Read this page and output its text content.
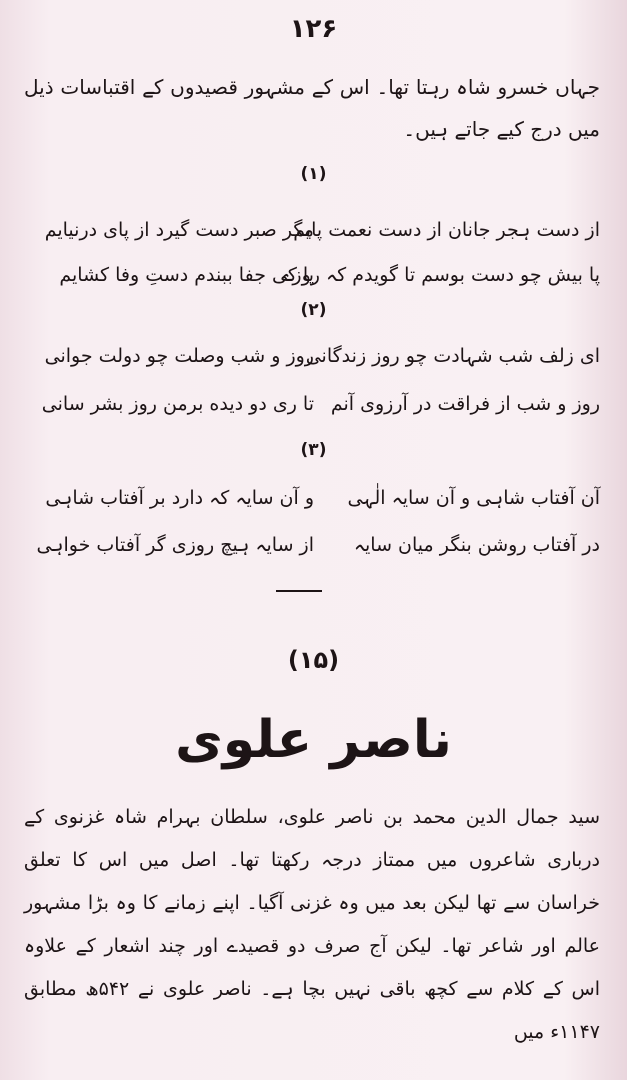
۱۲۶
جہاں خسرو شاہ رہتا تھا۔ اس کے مشہور قصیدوں کے اقتباسات ذیل میں درج کیے جاتے ہیں۔
(۱)
از دست ہجر جانان از دست نعمت پایم
مگر صبر دست گیرد از پای درنیایم
پا بیش چو دست بوسم تا گویدم کہ روزے
پا کی جفا ببندم دستِ وفا کشایم
(۲)
ای زلف شب شہادت چو روز زندگانی
روز و شب وصلت چو دولت جوانی
روز و شب از فراقت در آرزوی آنم
تا ری دو دیده برمن روز بشر سانی
(۳)
آن آفتاب شاہی و آن سایہ الٰہی
و آن سایہ کہ دارد بر آفتاب شاہی
در آفتاب روشن بنگر میان سایہ
از سایہ ہیچ روزی گر آفتاب خواہی
(۱۵)
ناصر علوی
سید جمال الدین محمد بن ناصر علوی، سلطان بہرام شاہ غزنوی کے درباری شاعروں میں ممتاز درجہ رکھتا تھا۔ اصل میں اس کا تعلق خراسان سے تھا لیکن بعد میں وہ غزنی آگیا۔ اپنے زمانے کا وہ بڑا مشہور عالم اور شاعر تھا۔ لیکن آج صرف دو قصیدے اور چند اشعار کے علاوہ اس کے کلام سے کچھ باقی نہیں بچا ہے۔ ناصر علوی نے ۵۴۲ھ مطابق ۱۱۴۷ء میں
